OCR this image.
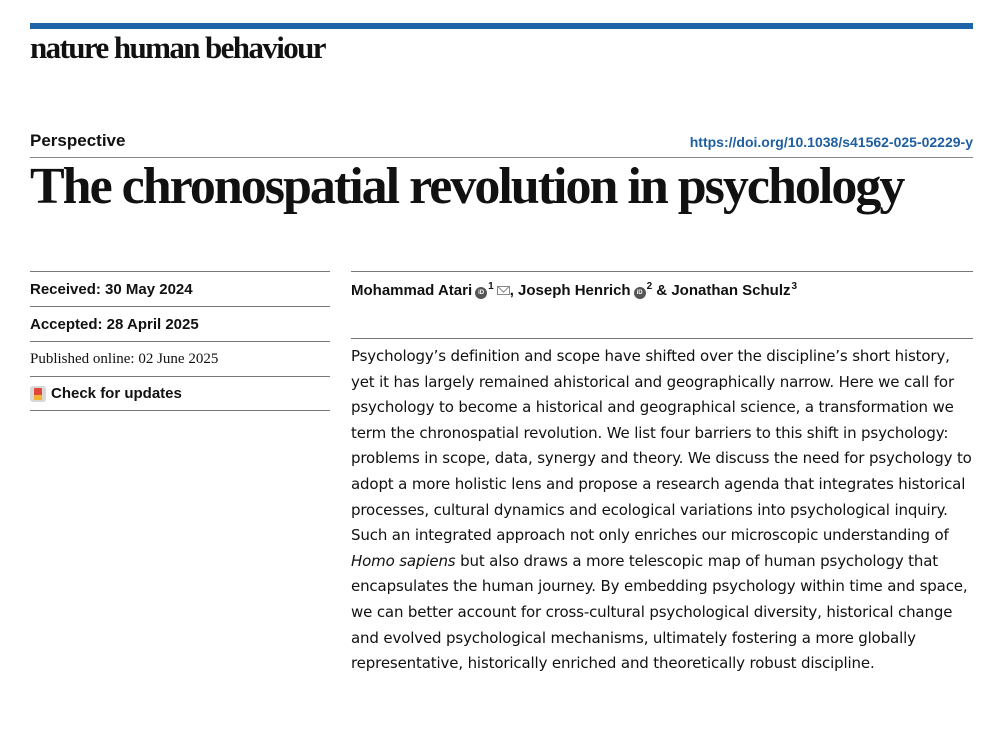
nature human behaviour
Perspective	https://doi.org/10.1038/s41562-025-02229-y
The chronospatial revolution in psychology
Received: 30 May 2024
Accepted: 28 April 2025
Published online: 02 June 2025
Check for updates
Mohammad Atari iD$^1$ , Joseph Henrich iD$^2$ & Jonathan Schulz$^3$

Psychology’s definition and scope have shifted over the discipline’s short history, yet it has largely remained ahistorical and geographically narrow. Here we call for psychology to become a historical and geographical science, a transformation we term the chronospatial revolution. We list four barriers to this shift in psychology: problems in scope, data, synergy and theory. We discuss the need for psychology to adopt a more holistic lens and propose a research agenda that integrates historical processes, cultural dynamics and ecological variations into psychological inquiry. Such an integrated approach not only enriches our microscopic understanding of Homo sapiens but also draws a more telescopic map of human psychology that encapsulates the human journey. By embedding psychology within time and space, we can better account for cross-cultural psychological diversity, historical change and evolved psychological mechanisms, ultimately fostering a more globally representative, historically enriched and theoretically robust discipline.
